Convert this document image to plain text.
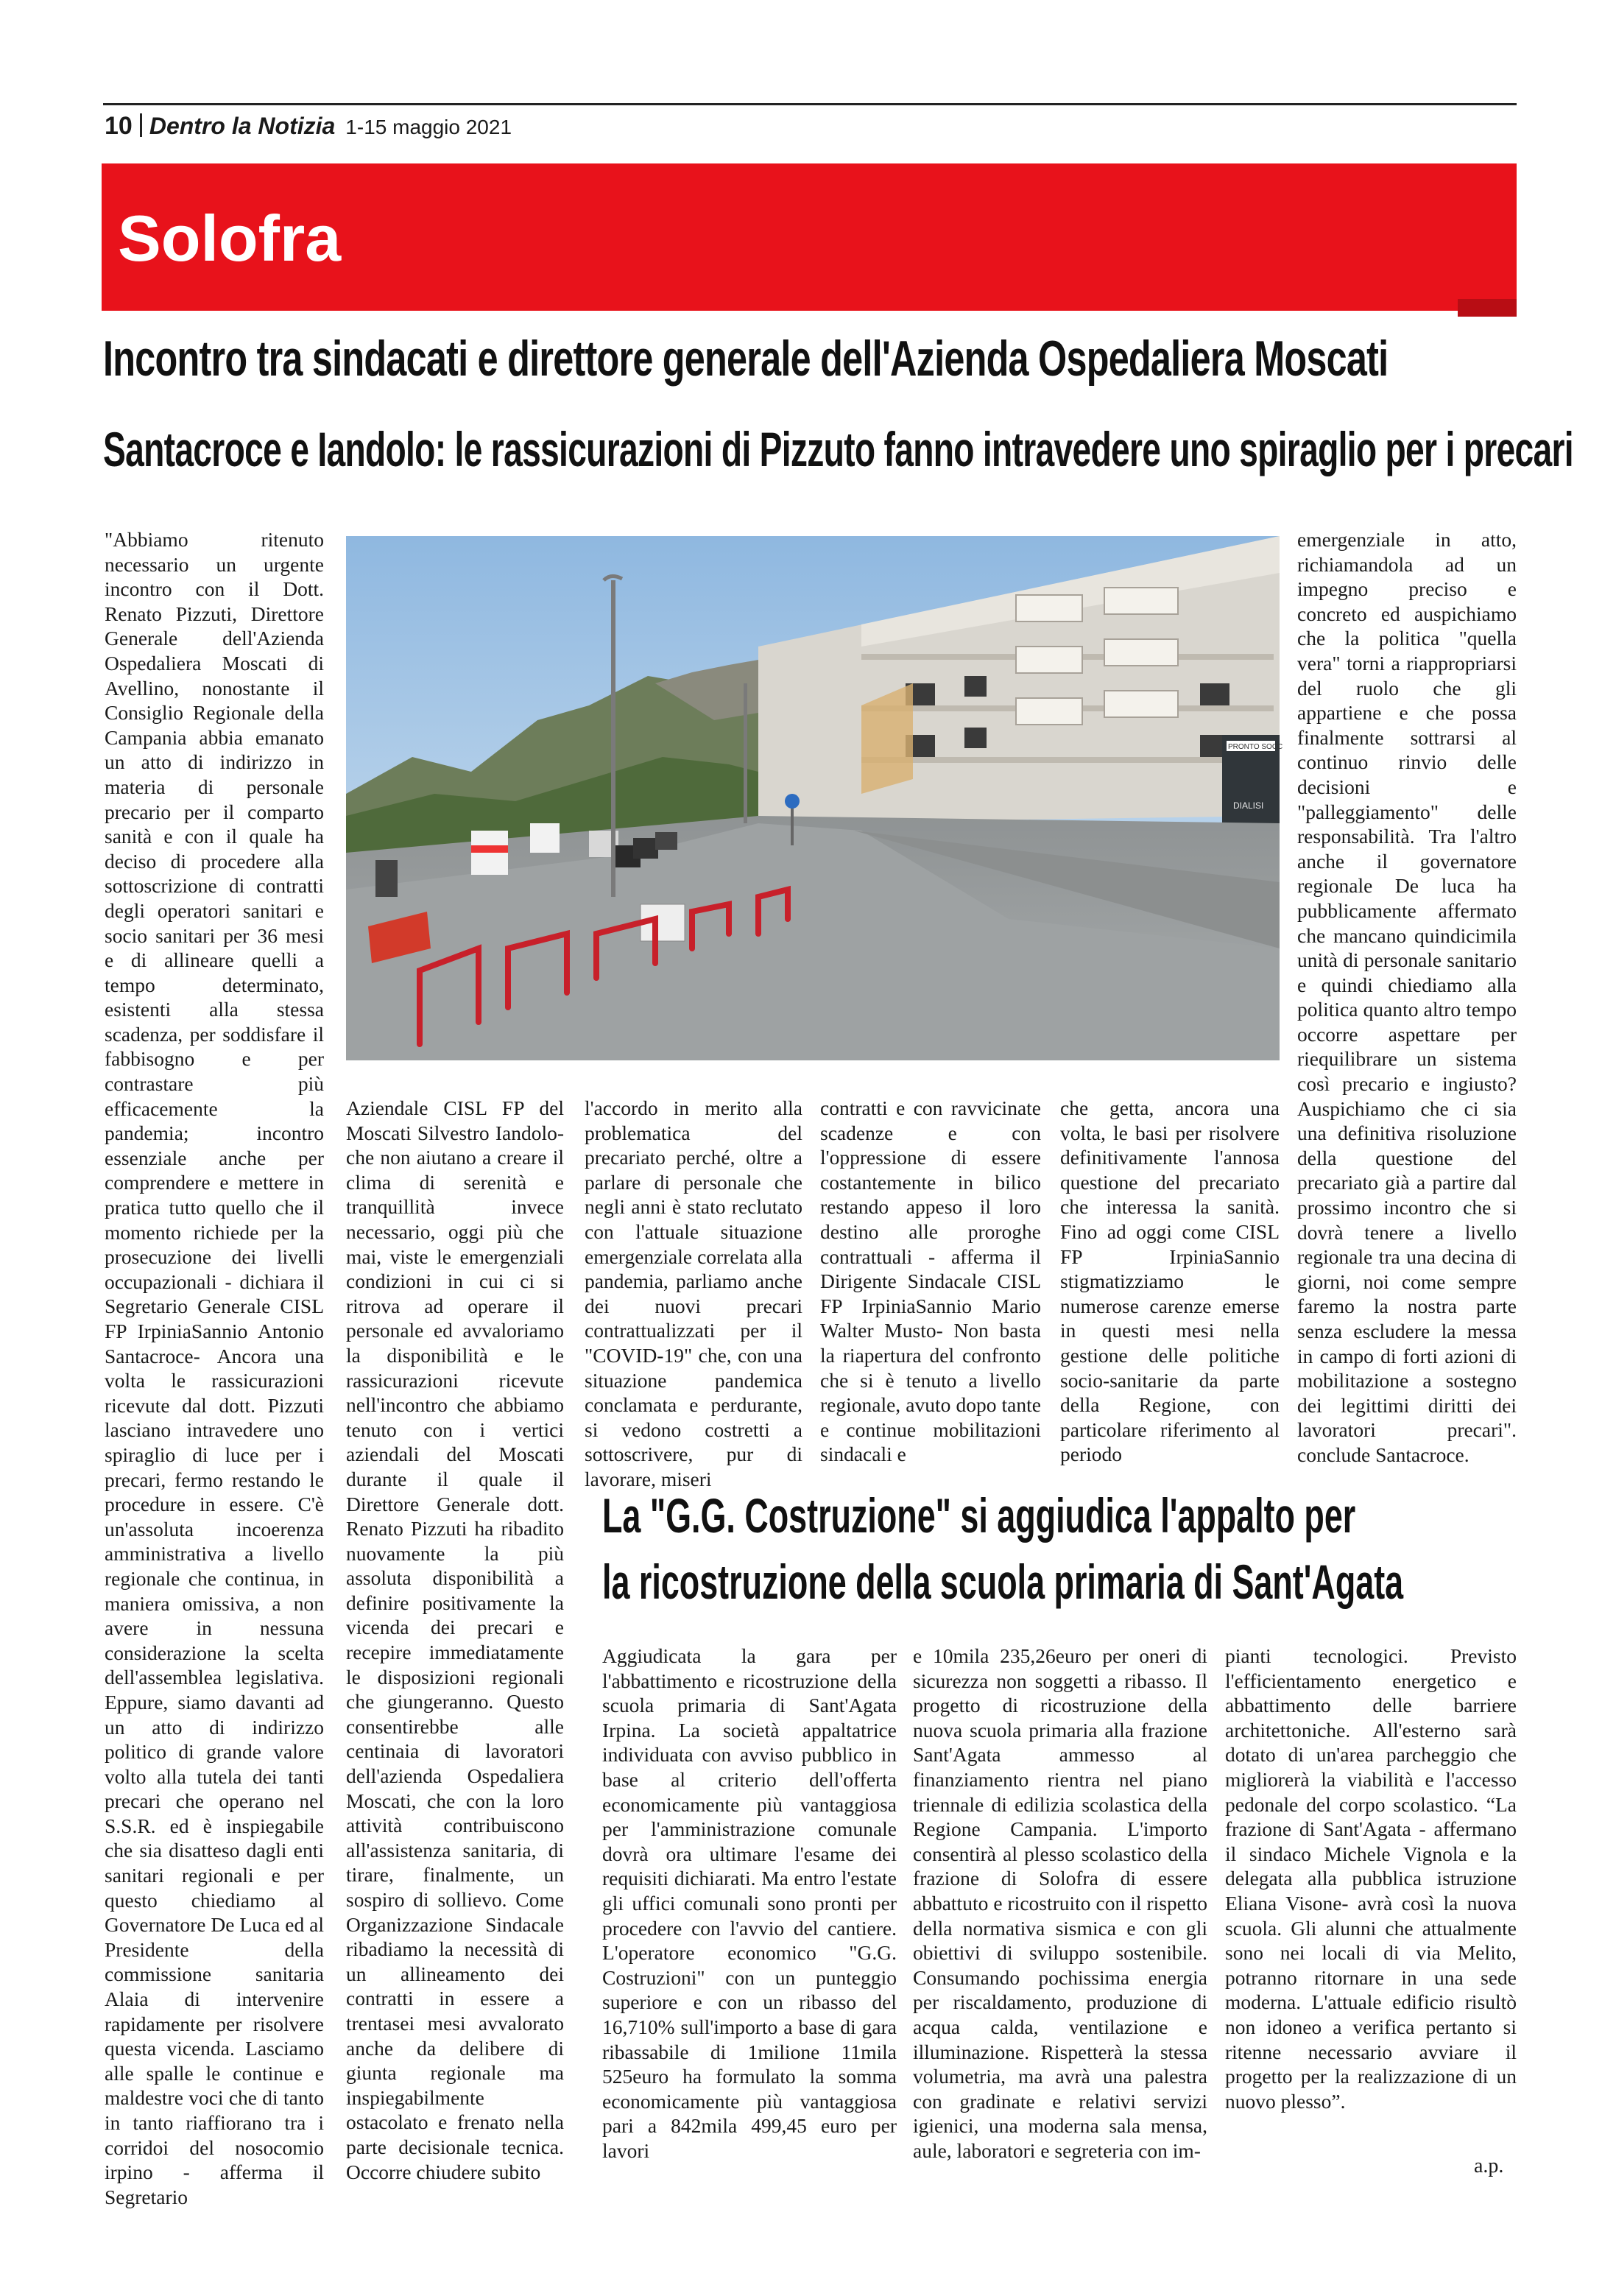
10 Dentro la Notizia 1-15 maggio 2021
Solofra
Incontro tra sindacati e direttore generale dell'Azienda Ospedaliera Moscati
Santacroce e Iandolo: le rassicurazioni di Pizzuto fanno intravedere uno spiraglio per i precari
"Abbiamo ritenuto necessario un urgente incontro con il Dott. Renato Pizzuti, Direttore Generale dell'Azienda Ospedaliera Moscati di Avellino, nonostante il Consiglio Regionale della Campania abbia emanato un atto di indirizzo in materia di personale precario per il comparto sanità e con il quale ha deciso di procedere alla sottoscrizione di contratti degli operatori sanitari e socio sanitari per 36 mesi e di allineare quelli a tempo determinato, esistenti alla stessa scadenza, per soddisfare il fabbisogno e per contrastare più efficacemente la pandemia; incontro essenziale anche per comprendere e mettere in pratica tutto quello che il momento richiede per la prosecuzione dei livelli occupazionali - dichiara il Segretario Generale CISL FP IrpiniaSannio Antonio Santacroce- Ancora una volta le rassicurazioni ricevute dal dott. Pizzuti lasciano intravedere uno spiraglio di luce per i precari, fermo restando le procedure in essere. C'è un'assoluta incoerenza amministrativa a livello regionale che continua, in maniera omissiva, a non avere in nessuna considerazione la scelta dell'assemblea legislativa. Eppure, siamo davanti ad un atto di indirizzo politico di grande valore volto alla tutela dei tanti precari che operano nel S.S.R. ed è inspiegabile che sia disatteso dagli enti sanitari regionali e per questo chiediamo al Governatore De Luca ed al Presidente della commissione sanitaria Alaia di intervenire rapidamente per risolvere questa vicenda. Lasciamo alle spalle le continue e maldestre voci che di tanto in tanto riaffiorano tra i corridoi del nosocomio irpino - afferma il Segretario
PRONTO SOCC
DIALISI
Aziendale CISL FP del Moscati Silvestro Iandolo- che non aiutano a creare il clima di serenità e tranquillità invece necessario, oggi più che mai, viste le emergenziali condizioni in cui ci si ritrova ad operare il personale ed avvaloriamo la disponibilità e le rassicurazioni ricevute nell'incontro che abbiamo tenuto con i vertici aziendali del Moscati durante il quale il Direttore Generale dott. Renato Pizzuti ha ribadito nuovamente la più assoluta disponibilità a definire positivamente la vicenda dei precari e recepire immediatamente le disposizioni regionali che giungeranno. Questo consentirebbe alle centinaia di lavoratori dell'azienda Ospedaliera Moscati, che con la loro attività contribuiscono all'assistenza sanitaria, di tirare, finalmente, un sospiro di sollievo. Come Organizzazione Sindacale ribadiamo la necessità di un allineamento dei contratti in essere a trentasei mesi avvalorato anche da delibere di giunta regionale ma inspiegabilmente ostacolato e frenato nella parte decisionale tecnica. Occorre chiudere subito
l'accordo in merito alla problematica del precariato perché, oltre a parlare di personale che negli anni è stato reclutato con l'attuale situazione emergenziale correlata alla pandemia, parliamo anche dei nuovi precari contrattualizzati per il "COVID-19" che, con una situazione pandemica conclamata e perdurante, si vedono costretti a sottoscrivere, pur di lavorare, miseri
contratti e con ravvicinate scadenze e con l'oppressione di essere costantemente in bilico restando appeso il loro destino alle proroghe contrattuali - afferma il Dirigente Sindacale CISL FP IrpiniaSannio Mario Walter Musto- Non basta la riapertura del confronto che si è tenuto a livello regionale, avuto dopo tante e continue mobilitazioni sindacali e
che getta, ancora una volta, le basi per risolvere definitivamente l'annosa questione del precariato che interessa la sanità. Fino ad oggi come CISL FP IrpiniaSannio stigmatizziamo le numerose carenze emerse in questi mesi nella gestione delle politiche socio-sanitarie da parte della Regione, con particolare riferimento al periodo
emergenziale in atto, richiamandola ad un impegno preciso e concreto ed auspichiamo che la politica "quella vera" torni a riappropriarsi del ruolo che gli appartiene e che possa finalmente sottrarsi al continuo rinvio delle decisioni e "palleggiamento" delle responsabilità. Tra l'altro anche il governatore regionale De luca ha pubblicamente affermato che mancano quindicimila unità di personale sanitario e quindi chiediamo alla politica quanto altro tempo occorre aspettare per riequilibrare un sistema così precario e ingiusto? Auspichiamo che ci sia una definitiva risoluzione della questione del precariato già a partire dal prossimo incontro che si dovrà tenere a livello regionale tra una decina di giorni, noi come sempre faremo la nostra parte senza escludere la messa in campo di forti azioni di mobilitazione a sostegno dei legittimi diritti dei lavoratori precari". conclude Santacroce.
La "G.G. Costruzione" si aggiudica l'appalto per
la ricostruzione della scuola primaria di Sant'Agata
Aggiudicata la gara per l'abbattimento e ricostruzione della scuola primaria di Sant'Agata Irpina. La società appaltatrice individuata con avviso pubblico in base al criterio dell'offerta economicamente più vantaggiosa per l'amministrazione comunale dovrà ora ultimare l'esame dei requisiti dichiarati. Ma entro l'estate gli uffici comunali sono pronti per procedere con l'avvio del cantiere. L'operatore economico "G.G. Costruzioni" con un punteggio superiore e con un ribasso del 16,710% sull'importo a base di gara ribassabile di 1milione 11mila 525euro ha formulato la somma economicamente più vantaggiosa pari a 842mila 499,45 euro per lavori
e 10mila 235,26euro per oneri di sicurezza non soggetti a ribasso. Il progetto di ricostruzione della nuova scuola primaria alla frazione Sant'Agata ammesso al finanziamento rientra nel piano triennale di edilizia scolastica della Regione Campania. L'importo consentirà al plesso scolastico della frazione di Solofra di essere abbattuto e ricostruito con il rispetto della normativa sismica e con gli obiettivi di sviluppo sostenibile. Consumando pochissima energia per riscaldamento, produzione di acqua calda, ventilazione e illuminazione. Rispetterà la stessa volumetria, ma avrà una palestra con gradinate e relativi servizi igienici, una moderna sala mensa, aule, laboratori e segreteria con im-
pianti tecnologici. Previsto l'efficientamento energetico e abbattimento delle barriere architettoniche. All'esterno sarà dotato di un'area parcheggio che migliorerà la viabilità e l'accesso pedonale del corpo scolastico. “La frazione di Sant'Agata - affermano il sindaco Michele Vignola e la delegata alla pubblica istruzione Eliana Visone- avrà così la nuova scuola. Gli alunni che attualmente sono nei locali di via Melito, potranno ritornare in una sede moderna. L'attuale edificio risultò non idoneo a verifica pertanto si ritenne necessario avviare il progetto per la realizzazione di un nuovo plesso”.
a.p.
